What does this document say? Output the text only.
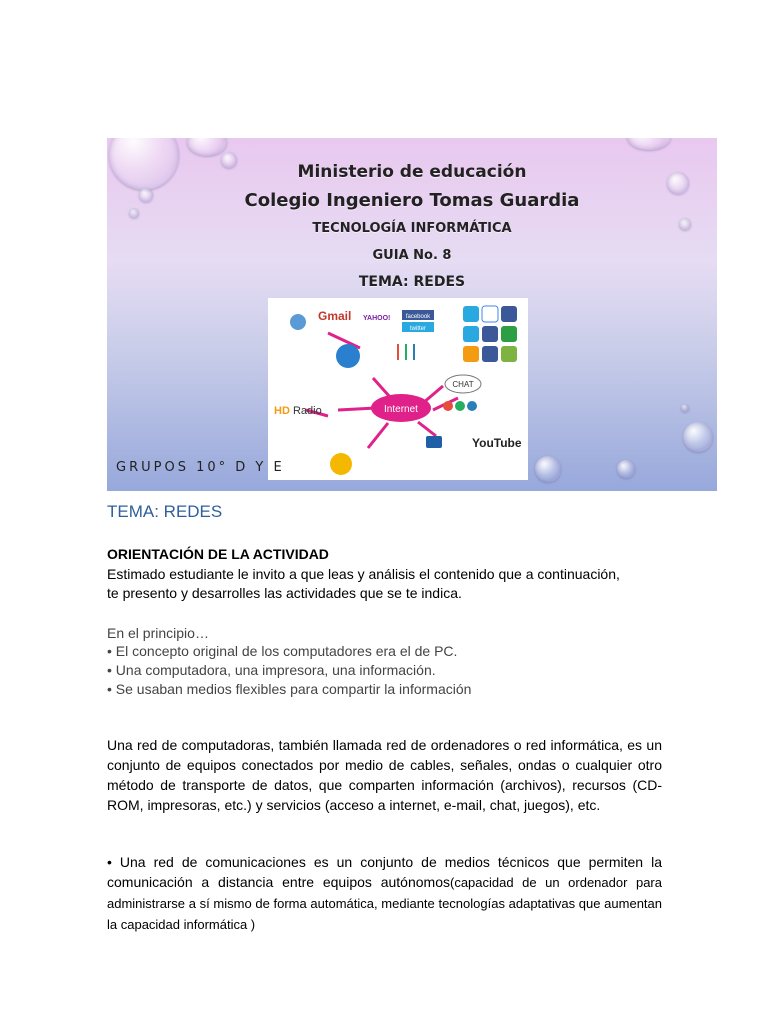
Ministerio de educación
Colegio Ingeniero Tomas Guardia
TECNOLOGÍA INFORMÁTICA
GUIA No. 8
TEMA: REDES
Internet
Gmail YAHOO!	facebook
twitter
HD Radio
CHAT
YouTube
GRUPOS 10° D Y E
TEMA: REDES
ORIENTACIÓN DE LA ACTIVIDAD
Estimado estudiante le invito a que leas y análisis el contenido que a continuación,
te presento y desarrolles las actividades que se te indica.
En el principio…
• El concepto original de los computadores era el de PC.
• Una computadora, una impresora, una información.
• Se usaban medios flexibles para compartir la información
Una red de computadoras, también llamada red de ordenadores o red informática, es un conjunto de equipos conectados por medio de cables, señales, ondas o cualquier otro método de transporte de datos, que comparten información (archivos), recursos (CD-ROM, impresoras, etc.) y servicios (acceso a internet, e-mail, chat, juegos), etc.
• Una red de comunicaciones es un conjunto de medios técnicos que permiten la comunicación a distancia entre equipos autónomos(capacidad de un ordenador para administrarse a sí mismo de forma automática, mediante tecnologías adaptativas que aumentan la capacidad informática )
